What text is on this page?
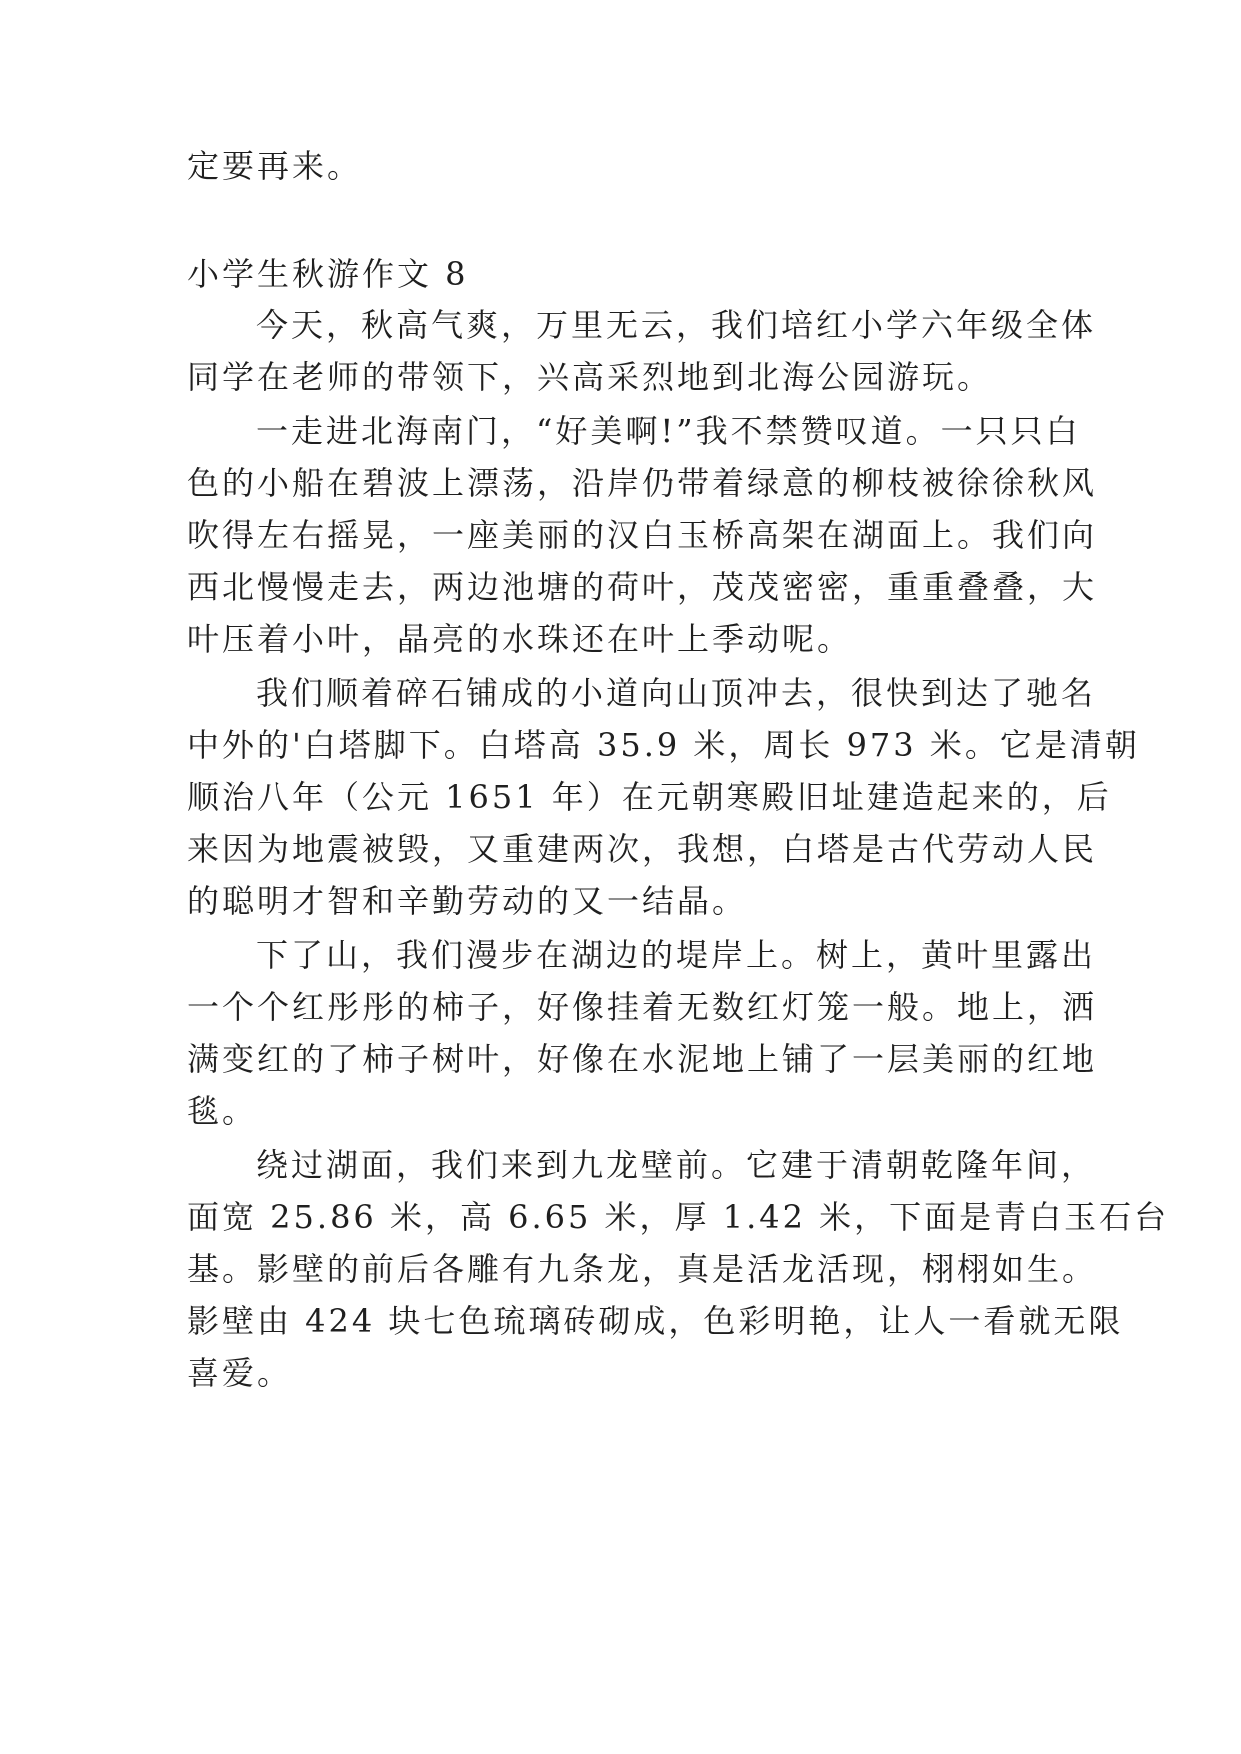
定要再来。
小学生秋游作文 8
今天，秋高气爽，万里无云，我们培红小学六年级全体
同学在老师的带领下，兴高采烈地到北海公园游玩。
一走进北海南门，“好美啊!”我不禁赞叹道。一只只白
色的小船在碧波上漂荡，沿岸仍带着绿意的柳枝被徐徐秋风
吹得左右摇晃，一座美丽的汉白玉桥高架在湖面上。我们向
西北慢慢走去，两边池塘的荷叶，茂茂密密，重重叠叠，大
叶压着小叶，晶亮的水珠还在叶上季动呢。
我们顺着碎石铺成的小道向山顶冲去，很快到达了驰名
中外的'白塔脚下。白塔高 35.9 米，周长 973 米。它是清朝
顺治八年（公元 1651 年）在元朝寒殿旧址建造起来的，后
来因为地震被毁，又重建两次，我想，白塔是古代劳动人民
的聪明才智和辛勤劳动的又一结晶。
下了山，我们漫步在湖边的堤岸上。树上，黄叶里露出
一个个红彤彤的柿子，好像挂着无数红灯笼一般。地上，洒
满变红的了柿子树叶，好像在水泥地上铺了一层美丽的红地
毯。
绕过湖面，我们来到九龙壁前。它建于清朝乾隆年间，
面宽 25.86 米，高 6.65 米，厚 1.42 米，下面是青白玉石台
基。影壁的前后各雕有九条龙，真是活龙活现，栩栩如生。
影壁由 424 块七色琉璃砖砌成，色彩明艳，让人一看就无限
喜爱。
